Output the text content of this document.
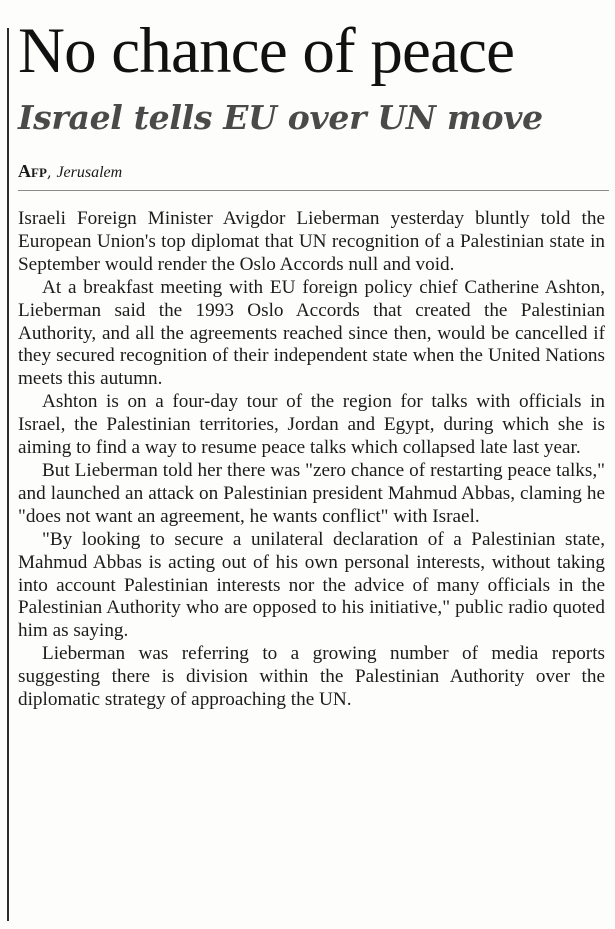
No chance of peace
Israel tells EU over UN move
Afp, Jerusalem

Israeli Foreign Minister Avigdor Lieberman yesterday bluntly told the European Union's top diplomat that UN recognition of a Palestinian state in September would render the Oslo Accords null and void.

At a breakfast meeting with EU foreign policy chief Catherine Ashton, Lieberman said the 1993 Oslo Accords that created the Palestinian Authority, and all the agreements reached since then, would be cancelled if they secured recognition of their independent state when the United Nations meets this autumn.

Ashton is on a four-day tour of the region for talks with officials in Israel, the Palestinian territories, Jordan and Egypt, during which she is aiming to find a way to resume peace talks which collapsed late last year.

But Lieberman told her there was "zero chance of restarting peace talks," and launched an attack on Palestinian president Mahmud Abbas, claming he "does not want an agreement, he wants conflict" with Israel.

"By looking to secure a unilateral declaration of a Palestinian state, Mahmud Abbas is acting out of his own personal interests, without taking into account Palestinian interests nor the advice of many officials in the Palestinian Authority who are opposed to his initiative," public radio quoted him as saying.

Lieberman was referring to a growing number of media reports suggesting there is division within the Palestinian Authority over the diplomatic strategy of approaching the UN.
